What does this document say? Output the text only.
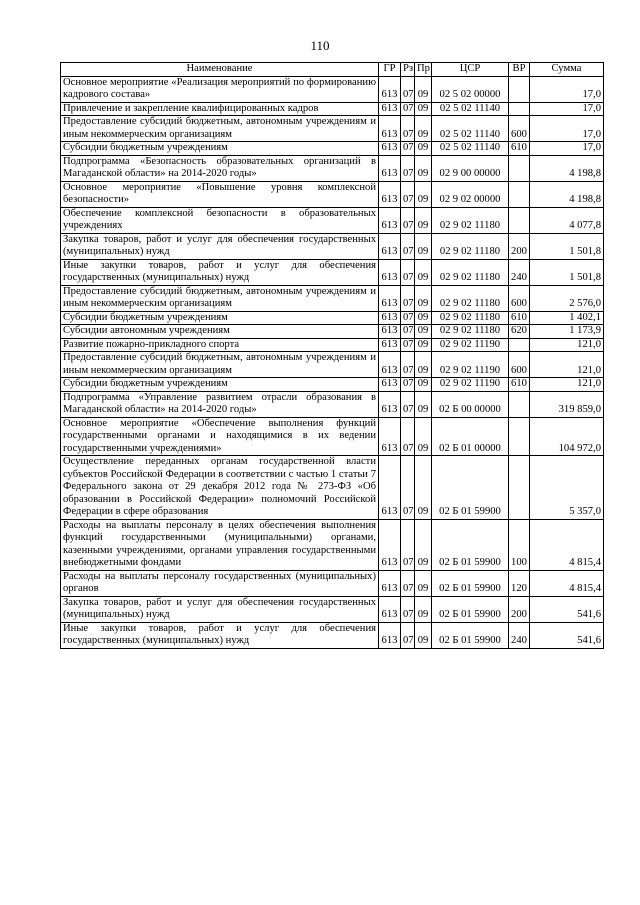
110
Наименование	ГР	Рз	Пр	ЦСР	ВР	Сумма
Основное мероприятие «Реализация мероприятий по формированию кадрового состава»	613	07	09	02 5 02 00000		17,0
Привлечение и закрепление квалифицированных кадров	613	07	09	02 5 02 11140		17,0
Предоставление субсидий бюджетным, автономным учреждениям и иным некоммерческим организациям	613	07	09	02 5 02 11140	600	17,0
Субсидии бюджетным учреждениям	613	07	09	02 5 02 11140	610	17,0
Подпрограмма «Безопасность образовательных организаций в Магаданской области» на 2014-2020 годы»	613	07	09	02 9 00 00000		4 198,8
Основное мероприятие «Повышение уровня комплексной безопасности»	613	07	09	02 9 02 00000		4 198,8
Обеспечение комплексной безопасности в образовательных учреждениях	613	07	09	02 9 02 11180		4 077,8
Закупка товаров, работ и услуг для обеспечения государственных (муниципальных) нужд	613	07	09	02 9 02 11180	200	1 501,8
Иные закупки товаров, работ и услуг для обеспечения государственных (муниципальных) нужд	613	07	09	02 9 02 11180	240	1 501,8
Предоставление субсидий бюджетным, автономным учреждениям и иным некоммерческим организациям	613	07	09	02 9 02 11180	600	2 576,0
Субсидии бюджетным учреждениям	613	07	09	02 9 02 11180	610	1 402,1
Субсидии автономным учреждениям	613	07	09	02 9 02 11180	620	1 173,9
Развитие пожарно-прикладного спорта	613	07	09	02 9 02 11190		121,0
Предоставление субсидий бюджетным, автономным учреждениям и иным некоммерческим организациям	613	07	09	02 9 02 11190	600	121,0
Субсидии бюджетным учреждениям	613	07	09	02 9 02 11190	610	121,0
Подпрограмма «Управление развитием отрасли образования в Магаданской области» на 2014-2020 годы»	613	07	09	02 Б 00 00000		319 859,0
Основное мероприятие «Обеспечение выполнения функций государственными органами и находящимися в их ведении государственными учреждениями»	613	07	09	02 Б 01 00000		104 972,0
Осуществление переданных органам государственной власти субъектов Российской Федерации в соответствии с частью 1 статьи 7 Федерального закона от 29 декабря 2012 года № 273-ФЗ «Об образовании в Российской Федерации» полномочий Российской Федерации в сфере образования	613	07	09	02 Б 01 59900		5 357,0
Расходы на выплаты персоналу в целях обеспечения выполнения функций государственными (муниципальными) органами, казенными учреждениями, органами управления государственными внебюджетными фондами	613	07	09	02 Б 01 59900	100	4 815,4
Расходы на выплаты персоналу государственных (муниципальных) органов	613	07	09	02 Б 01 59900	120	4 815,4
Закупка товаров, работ и услуг для обеспечения государственных (муниципальных) нужд	613	07	09	02 Б 01 59900	200	541,6
Иные закупки товаров, работ и услуг для обеспечения государственных (муниципальных) нужд	613	07	09	02 Б 01 59900	240	541,6
